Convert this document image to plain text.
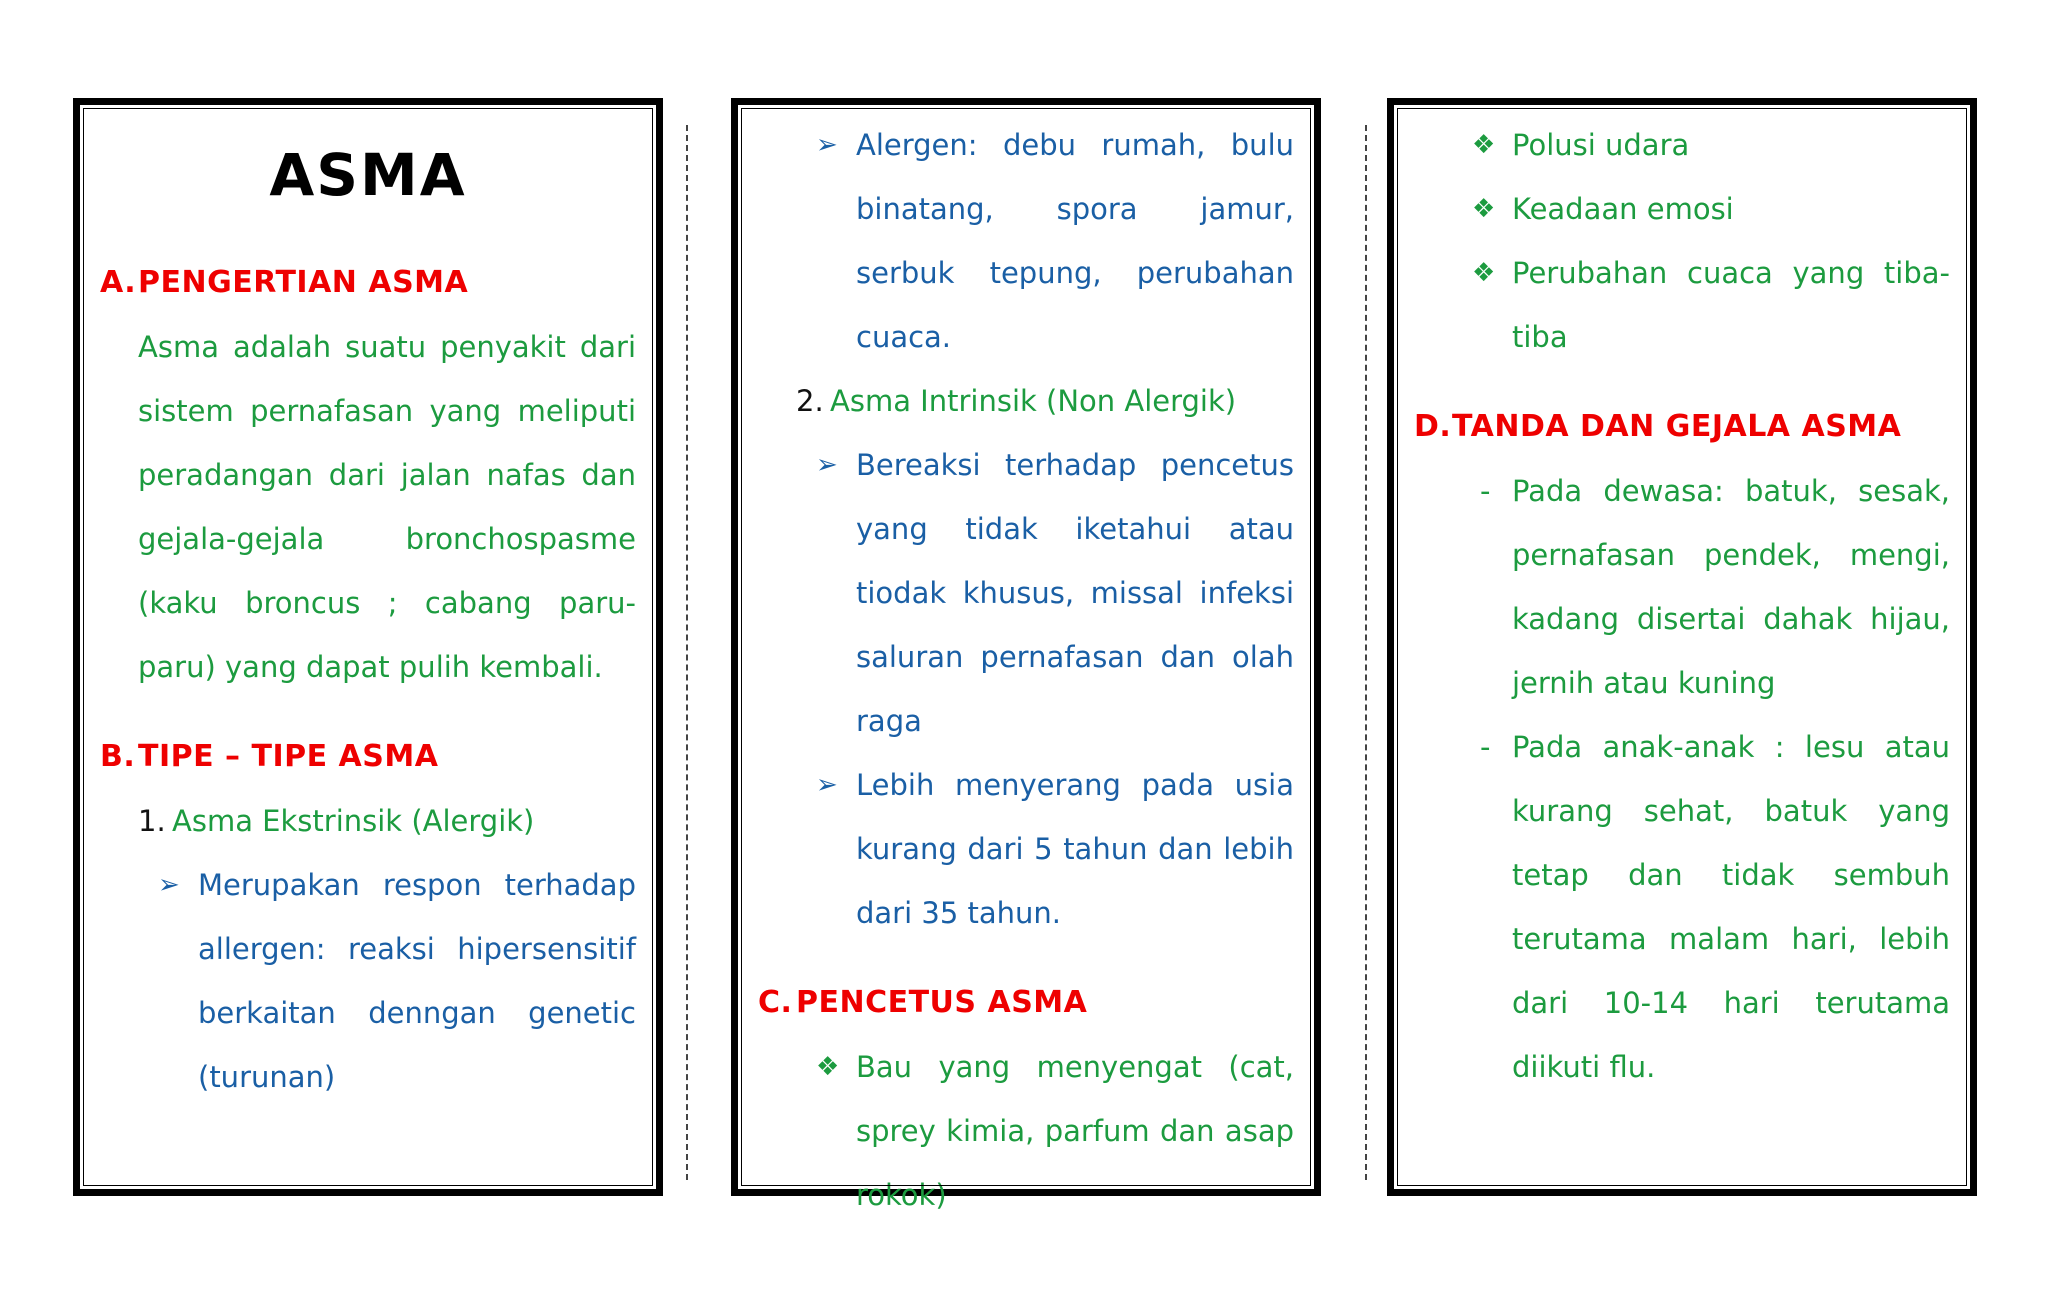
ASMA
A. PENGERTIAN ASMA
Asma adalah suatu penyakit dari sistem pernafasan yang meliputi peradangan dari jalan nafas dan gejala-gejala bronchospasme (kaku broncus ; cabang paru-paru) yang dapat pulih kembali.
B. TIPE – TIPE ASMA
1. Asma Ekstrinsik (Alergik)
➢ Merupakan respon terhadap allergen: reaksi hipersensitif berkaitan denngan genetic (turunan)
➢ Alergen: debu rumah, bulu binatang, spora jamur, serbuk tepung, perubahan cuaca.
2. Asma Intrinsik (Non Alergik)
➢ Bereaksi terhadap pencetus yang tidak iketahui atau tiodak khusus, missal infeksi saluran pernafasan dan olah raga
➢ Lebih menyerang pada usia kurang dari 5 tahun dan lebih dari 35 tahun.
C. PENCETUS ASMA
❖ Bau yang menyengat (cat, sprey kimia, parfum dan asap rokok)
❖ Polusi udara
❖ Keadaan emosi
❖ Perubahan cuaca yang tiba-tiba
D. TANDA DAN GEJALA ASMA
- Pada dewasa: batuk, sesak, pernafasan pendek, mengi, kadang disertai dahak hijau, jernih atau kuning
- Pada anak-anak : lesu atau kurang sehat, batuk yang tetap dan tidak sembuh terutama malam hari, lebih dari 10-14 hari terutama diikuti flu.
